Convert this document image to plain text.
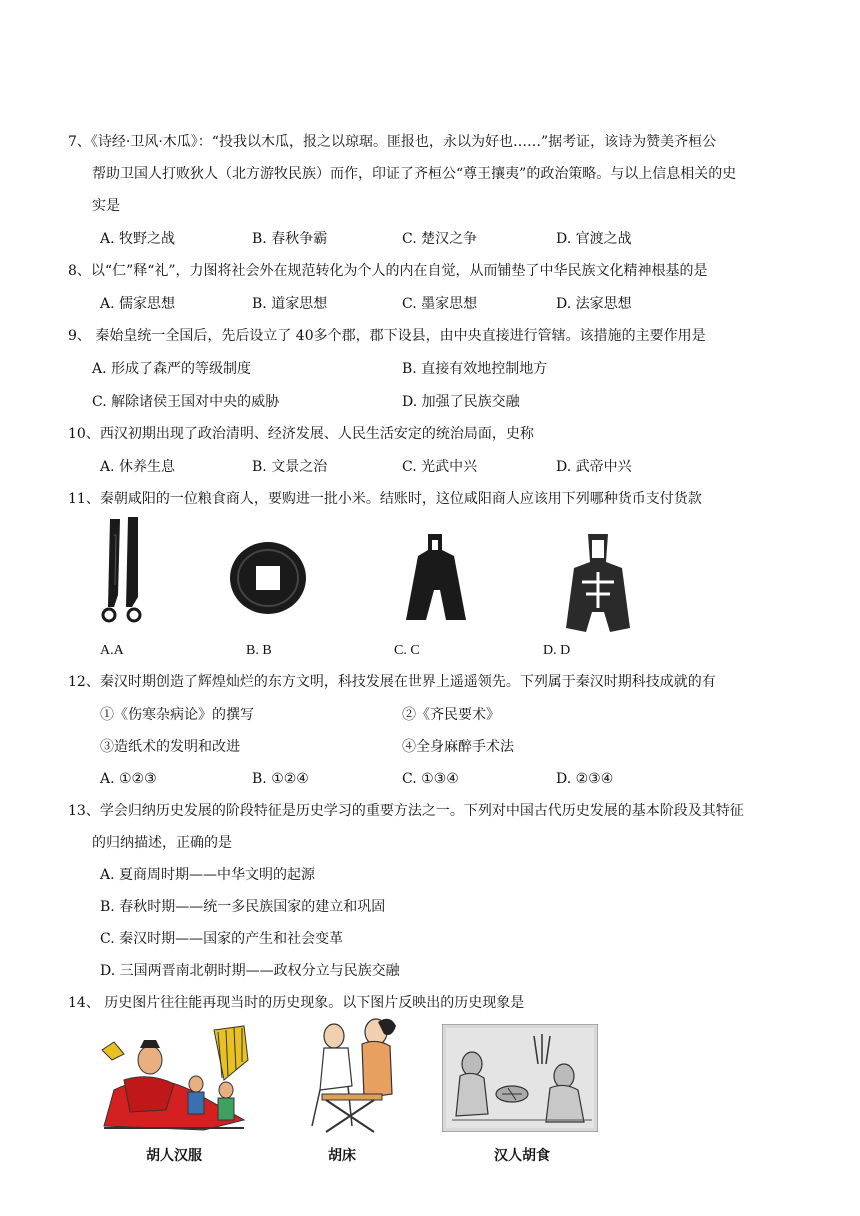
7、《诗经·卫风·木瓜》：“投我以木瓜，报之以琼琚。匪报也，永以为好也……”据考证，该诗为赞美齐桓公
帮助卫国人打败狄人（北方游牧民族）而作，印证了齐桓公“尊王攘夷”的政治策略。与以上信息相关的史
实是
A. 牧野之战	B. 春秋争霸	C. 楚汉之争	D. 官渡之战
8、以“仁”释“礼”，力图将社会外在规范转化为个人的内在自觉，从而铺垫了中华民族文化精神根基的是
A. 儒家思想	B. 道家思想	C. 墨家思想	D. 法家思想
9、 秦始皇统一全国后，先后设立了 40多个郡，郡下设县，由中央直接进行管辖。该措施的主要作用是
A. 形成了森严的等级制度	B. 直接有效地控制地方
C. 解除诸侯王国对中央的威胁	D. 加强了民族交融
10、西汉初期出现了政治清明、经济发展、人民生活安定的统治局面，史称
A. 休养生息	B. 文景之治	C. 光武中兴	D. 武帝中兴
11、秦朝咸阳的一位粮食商人，要购进一批小米。结账时，这位咸阳商人应该用下列哪种货币支付货款
A.A	B. B	C. C	D. D
12、秦汉时期创造了辉煌灿烂的东方文明，科技发展在世界上遥遥领先。下列属于秦汉时期科技成就的有
①《伤寒杂病论》的撰写	②《齐民要术》
③造纸术的发明和改进	④全身麻醉手术法
A. ①②③	B. ①②④	C. ①③④	D. ②③④
13、学会归纳历史发展的阶段特征是历史学习的重要方法之一。下列对中国古代历史发展的基本阶段及其特征
的归纳描述，正确的是
A. 夏商周时期——中华文明的起源
B. 春秋时期——统一多民族国家的建立和巩固
C. 秦汉时期——国家的产生和社会变革
D. 三国两晋南北朝时期——政权分立与民族交融
14、 历史图片往往能再现当时的历史现象。以下图片反映出的历史现象是
胡人汉服	胡床	汉人胡食
